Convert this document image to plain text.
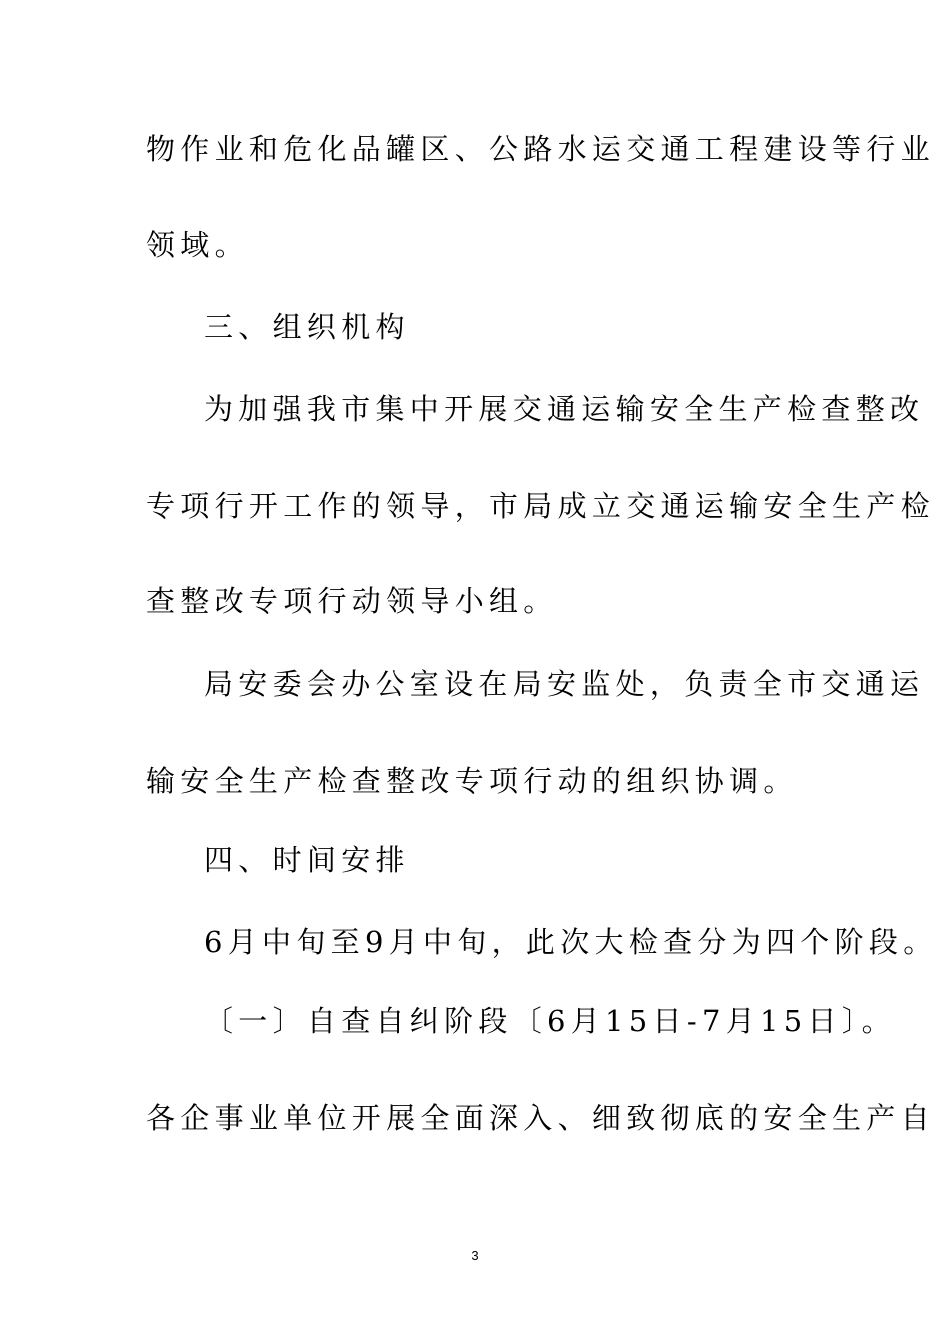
物作业和危化品罐区、公路水运交通工程建设等行业

领域。

三、组织机构

为加强我市集中开展交通运输安全生产检查整改

专项行开工作的领导，市局成立交通运输安全生产检

查整改专项行动领导小组。

局安委会办公室设在局安监处，负责全市交通运

输安全生产检查整改专项行动的组织协调。

四、时间安排

6月中旬至9月中旬，此次大检查分为四个阶段。

〔一〕自查自纠阶段〔6月15日-7月15日〕。

各企事业单位开展全面深入、细致彻底的安全生产自

3
